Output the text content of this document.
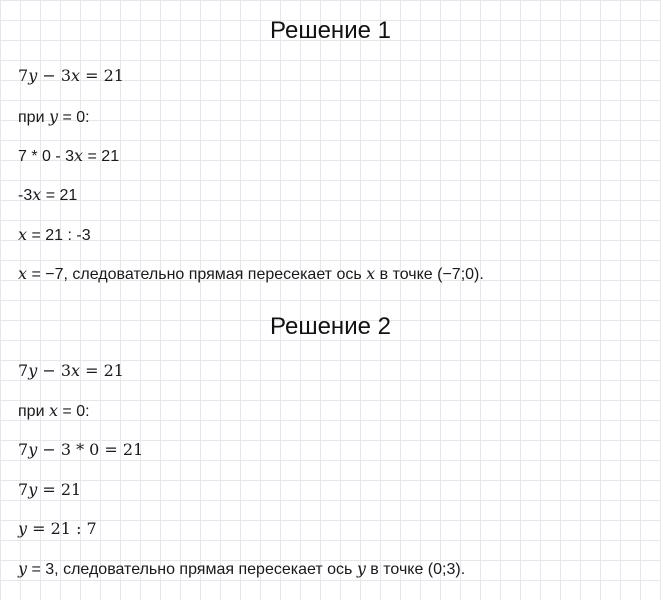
Решение 1
7y − 3x = 21
при y = 0:
7 * 0 - 3x = 21
-3x = 21
x = 21 : -3
x = −7, следовательно прямая пересекает ось x в точке (−7;0).
Решение 2
7y − 3x = 21
при x = 0:
7y − 3 * 0 = 21
7y = 21
y = 21 : 7
y = 3, следовательно прямая пересекает ось y в точке (0;3).
